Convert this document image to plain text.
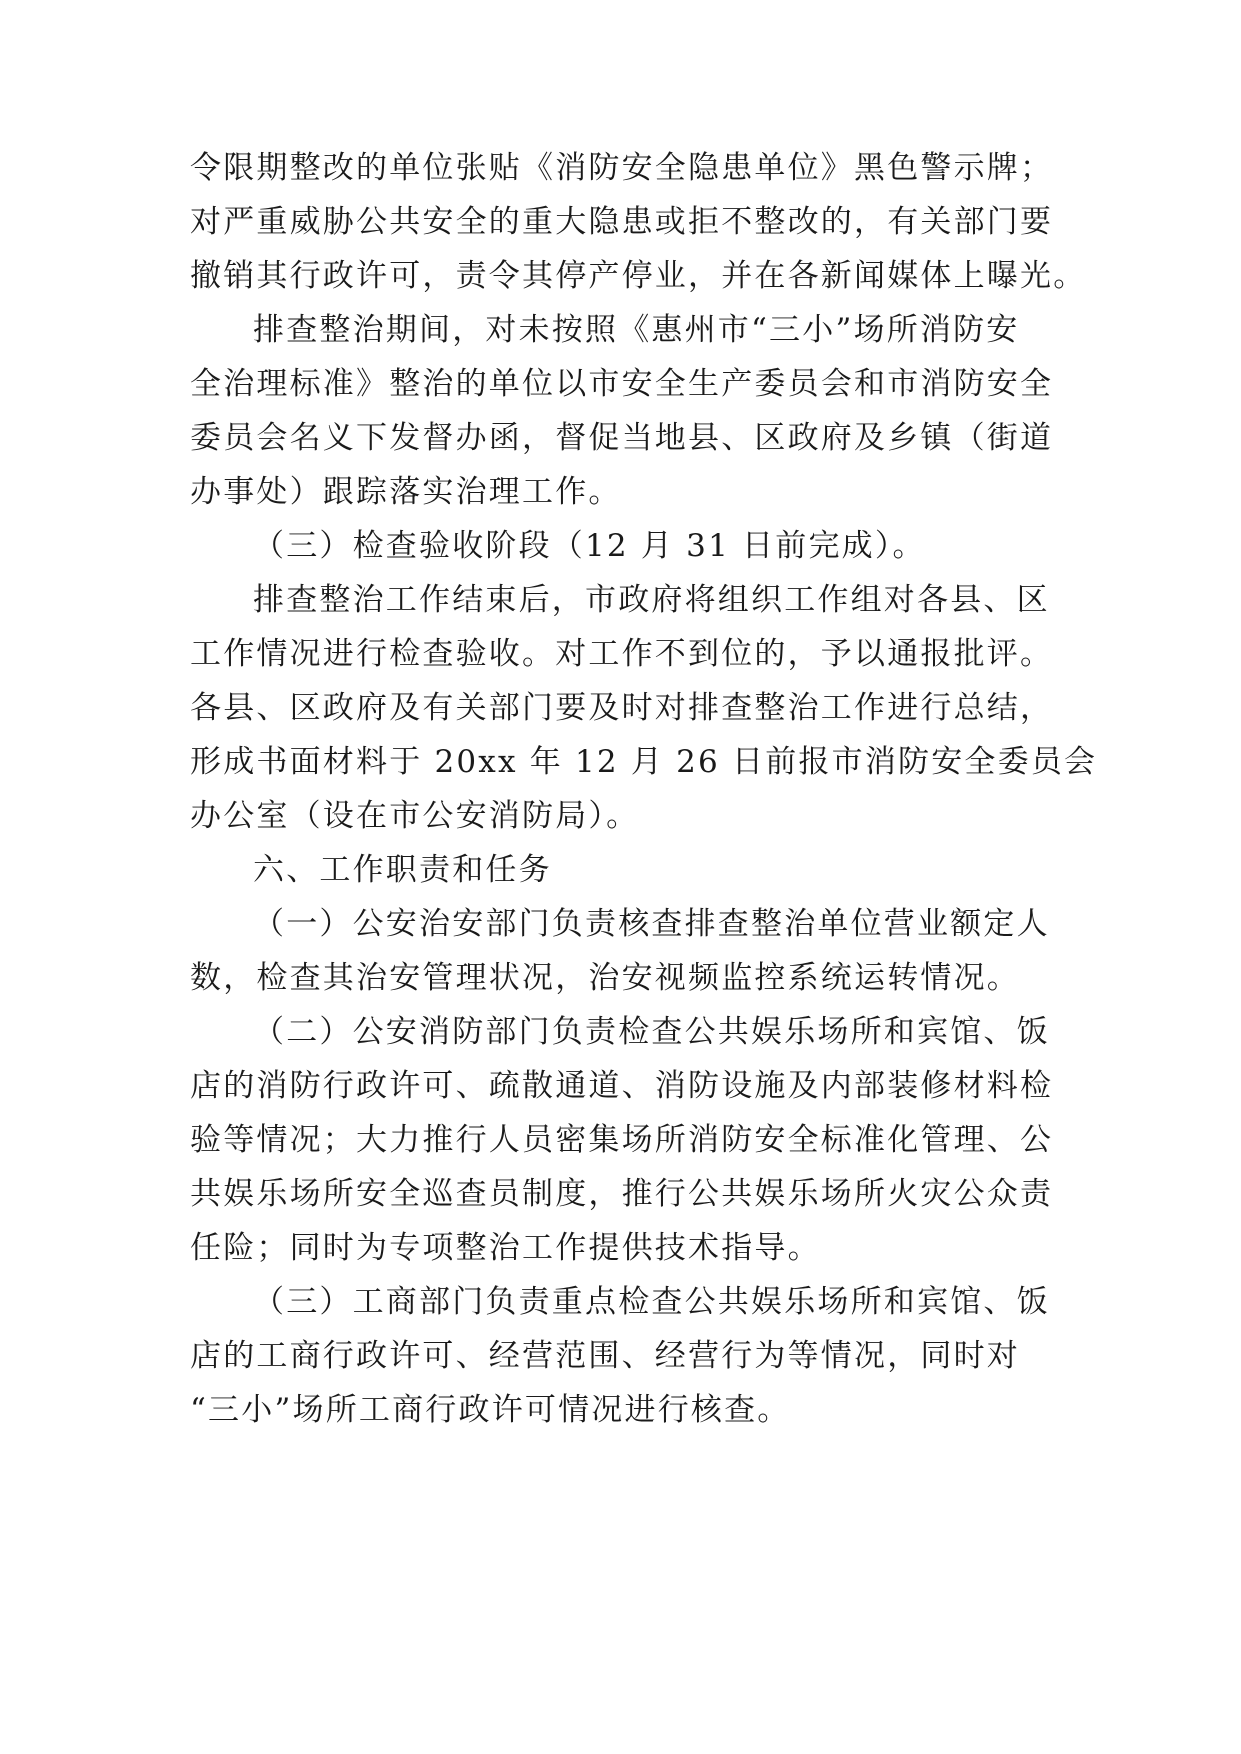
令限期整改的单位张贴《消防安全隐患单位》黑色警示牌；
对严重威胁公共安全的重大隐患或拒不整改的，有关部门要
撤销其行政许可，责令其停产停业，并在各新闻媒体上曝光。
排查整治期间，对未按照《惠州市“三小”场所消防安
全治理标准》整治的单位以市安全生产委员会和市消防安全
委员会名义下发督办函，督促当地县、区政府及乡镇（街道
办事处）跟踪落实治理工作。
（三）检查验收阶段（12 月 31 日前完成）。
排查整治工作结束后，市政府将组织工作组对各县、区
工作情况进行检查验收。对工作不到位的，予以通报批评。
各县、区政府及有关部门要及时对排查整治工作进行总结，
形成书面材料于 20xx 年 12 月 26 日前报市消防安全委员会
办公室（设在市公安消防局）。
六、工作职责和任务
（一）公安治安部门负责核查排查整治单位营业额定人
数，检查其治安管理状况，治安视频监控系统运转情况。
（二）公安消防部门负责检查公共娱乐场所和宾馆、饭
店的消防行政许可、疏散通道、消防设施及内部装修材料检
验等情况；大力推行人员密集场所消防安全标准化管理、公
共娱乐场所安全巡查员制度，推行公共娱乐场所火灾公众责
任险；同时为专项整治工作提供技术指导。
（三）工商部门负责重点检查公共娱乐场所和宾馆、饭
店的工商行政许可、经营范围、经营行为等情况，同时对
“三小”场所工商行政许可情况进行核查。
